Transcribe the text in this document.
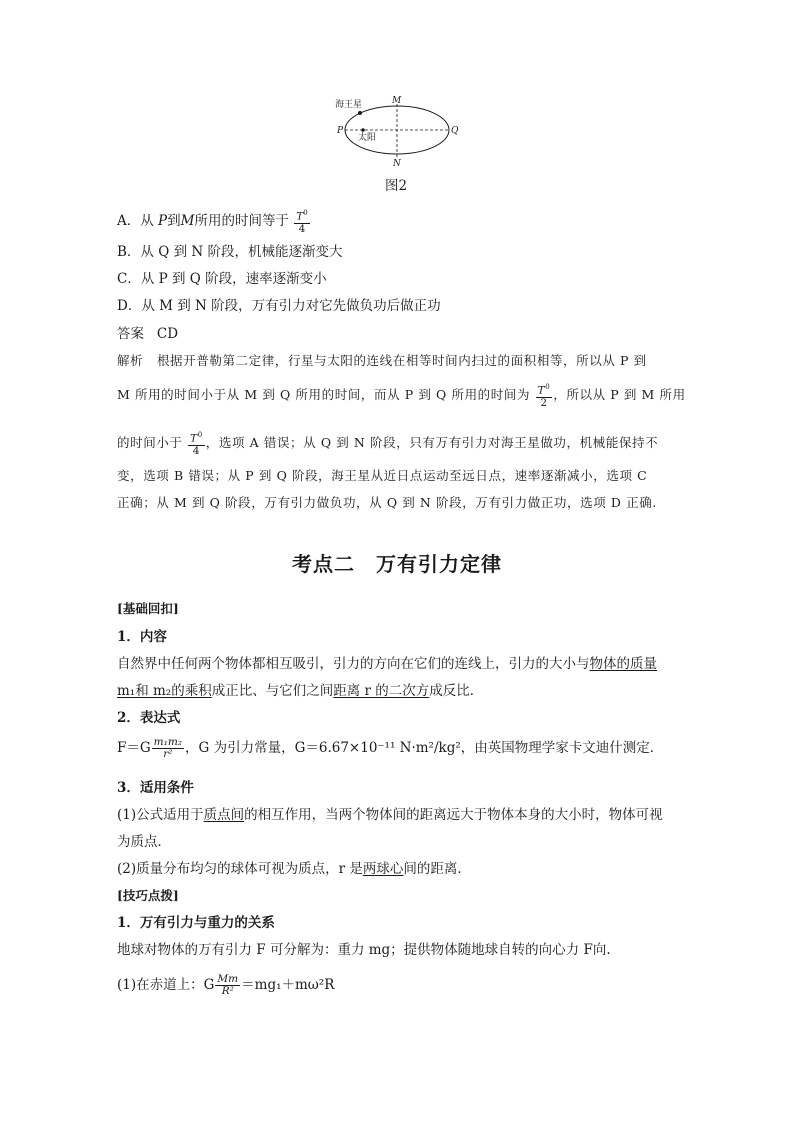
海王星
太阳
M
N
P	Q
图2
A．从 P到M所用的时间等于 $\frac{T^0}{4}$
B．从 Q 到 N 阶段，机械能逐渐变大
C．从 P 到 Q 阶段，速率逐渐变小
D．从 M 到 N 阶段，万有引力对它先做负功后做正功
答案 CD
解析 根据开普勒第二定律，行星与太阳的连线在相等时间内扫过的面积相等，所以从 P 到
M 所用的时间小于从 M 到 Q 所用的时间，而从 P 到 Q 所用的时间为 $\frac{T^0}{2}$ ，所以从 P 到 M 所用
的时间小于 $\frac{T^0}{4}$ ，选项 A 错误；从 Q 到 N 阶段，只有万有引力对海王星做功，机械能保持不
变，选项 B 错误；从 P 到 Q 阶段，海王星从近日点运动至远日点，速率逐渐减小，选项 C
正确；从 M 到 Q 阶段，万有引力做负功，从 Q 到 N 阶段，万有引力做正功，选项 D 正确.
考点二　万有引力定律
[基础回扣]
1．内容
自然界中任何两个物体都相互吸引，引力的方向在它们的连线上，引力的大小与物体的质量
m₁和 m₂的乘积成正比、与它们之间距离 r 的二次方成反比．
2．表达式
$F=G \frac{\text{m₁m₂}}{\text{r²}}$ ，G 为引力常量，G＝6.67×10⁻¹¹ N·m²/kg²，由英国物理学家卡文迪什测定．
3．适用条件
(1)公式适用于质点间的相互作用，当两个物体间的距离远大于物体本身的大小时，物体可视
为质点．
(2)质量分布均匀的球体可视为质点，r 是两球心间的距离．
[技巧点拨]
1．万有引力与重力的关系
地球对物体的万有引力 F 可分解为：重力 mg；提供物体随地球自转的向心力 F向.
(1)在赤道上：G $\frac{Mm}{\text{R²}} =mg_1+m\omega^2R$
